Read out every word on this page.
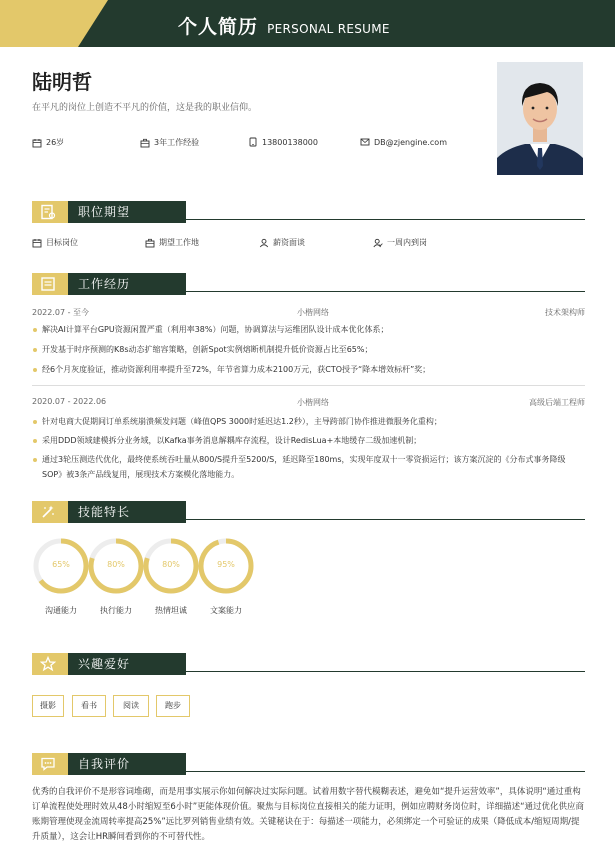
个人简历 PERSONAL RESUME
陆明哲
在平凡的岗位上创造不平凡的价值，这是我的职业信仰。
26岁	3年工作经验	13800138000	DB@zjengine.com
职位期望
目标岗位	期望工作地	薪资面谈	一周内到岗
工作经历
2022.07 - 至今	小楷网络	技术架构师
解决AI计算平台GPU资源闲置严重（利用率38%）问题，协调算法与运维团队设计成本优化体系；
开发基于时序预测的K8s动态扩缩容策略，创新Spot实例熔断机制提升低价资源占比至65%；
经6个月灰度验证，推动资源利用率提升至72%，年节省算力成本2100万元，获CTO授予“降本增效标杆”奖；
2020.07 - 2022.06	小楷网络	高级后端工程师
针对电商大促期间订单系统崩溃频发问题（峰值QPS 3000时延迟达1.2秒），主导跨部门协作推进微服务化重构；
采用DDD领域建模拆分业务域，以Kafka事务消息解耦库存流程，设计RedisLua+本地缓存二级加速机制；
通过3轮压测迭代优化，最终使系统吞吐量从800/S提升至5200/S，延迟降至180ms，实现年度双十一零资损运行；该方案沉淀的《分布式事务降级SOP》被3条产品线复用，展现技术方案模化落地能力。
技能特长
65%
沟通能力
80%
执行能力
80%
热情坦诚
95%
文案能力
兴趣爱好
摄影	看书	阅读	跑步
自我评价
优秀的自我评价不是形容词堆砌，而是用事实展示你如何解决过实际问题。试着用数字替代模糊表述，避免如“提升运营效率”，具体说明“通过重构订单流程使处理时效从48小时缩短至6小时”更能体现价值。聚焦与目标岗位直接相关的能力证明，例如应聘财务岗位时，详细描述“通过优化供应商账期管理使现金流周转率提高25%”远比罗列销售业绩有效。关键秘诀在于：每描述一项能力，必须绑定一个可验证的成果（降低成本/缩短周期/提升质量），这会让HR瞬间看到你的不可替代性。
